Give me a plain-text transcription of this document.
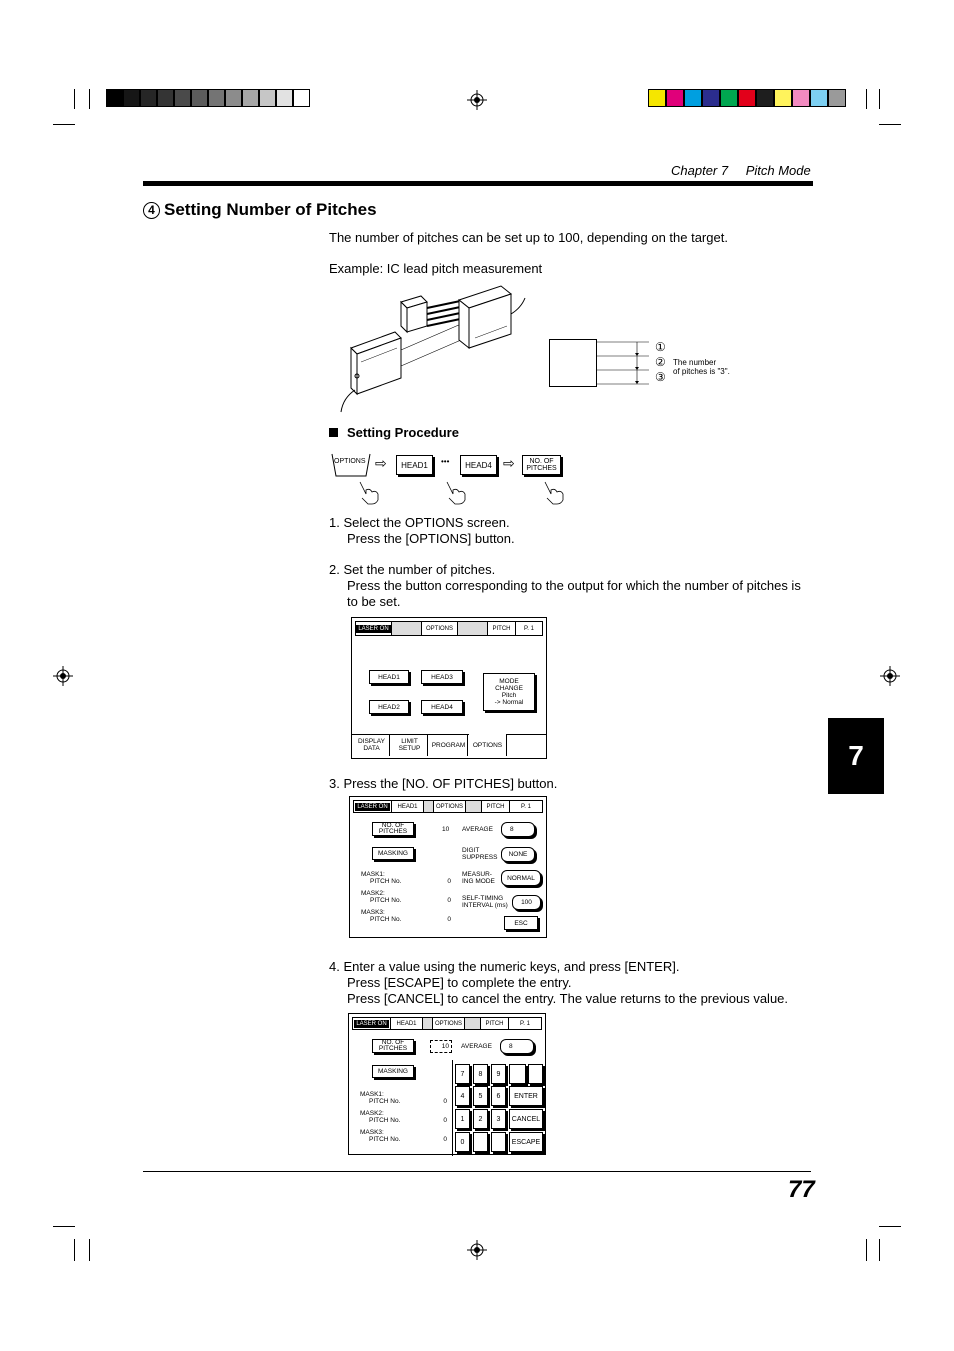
Chapter 7 Pitch Mode
4 Setting Number of Pitches
The number of pitches can be set up to 100, depending on the target.
Example: IC lead pitch measurement
①
②
③
The number
of pitches is "3".
Setting Procedure
OPTIONS ⇨	HEAD1	•••	HEAD4 ⇨ NO. OF
PITCHES
1. Select the OPTIONS screen.
Press the [OPTIONS] button.
2. Set the number of pitches.
Press the button corresponding to the output for which the number of pitches is
to be set.
LASER ON	OPTIONS	PITCH	P. 1
HEAD1	HEAD3
HEAD2	HEAD4
MODE
CHANGE
Pitch
-> Normal
DISPLAY
DATA
LIMIT
SETUP PROGRAM	OPTIONS
3. Press the [NO. OF PITCHES] button.
LASER ON	HEAD1	OPTIONS	PITCH	P. 1
NO. OF
PITCHES	10
MASKING
AVERAGE	8
DIGIT
SUPPRESS	NONE
MEASUR-
ING MODE	NORMAL
SELF-TIMING
INTERVAL (ms)	100
MASK1:
PITCH No.	0
MASK2:
PITCH No.	0
MASK3:
PITCH No.	0	ESC
4. Enter a value using the numeric keys, and press [ENTER].
Press [ESCAPE] to complete the entry.
Press [CANCEL] to cancel the entry. The value returns to the previous value.
LASER ON	HEAD1	OPTIONS	PITCH	P. 1
NO. OF
PITCHES	10	AVERAGE	8
MASKING
MASK1:
PITCH No.	0
MASK2:
PITCH No.	0
MASK3:
PITCH No.	0
7	8	9
4	5	6	ENTER
1	2	3	CANCEL
0	ESCAPE
77
7
